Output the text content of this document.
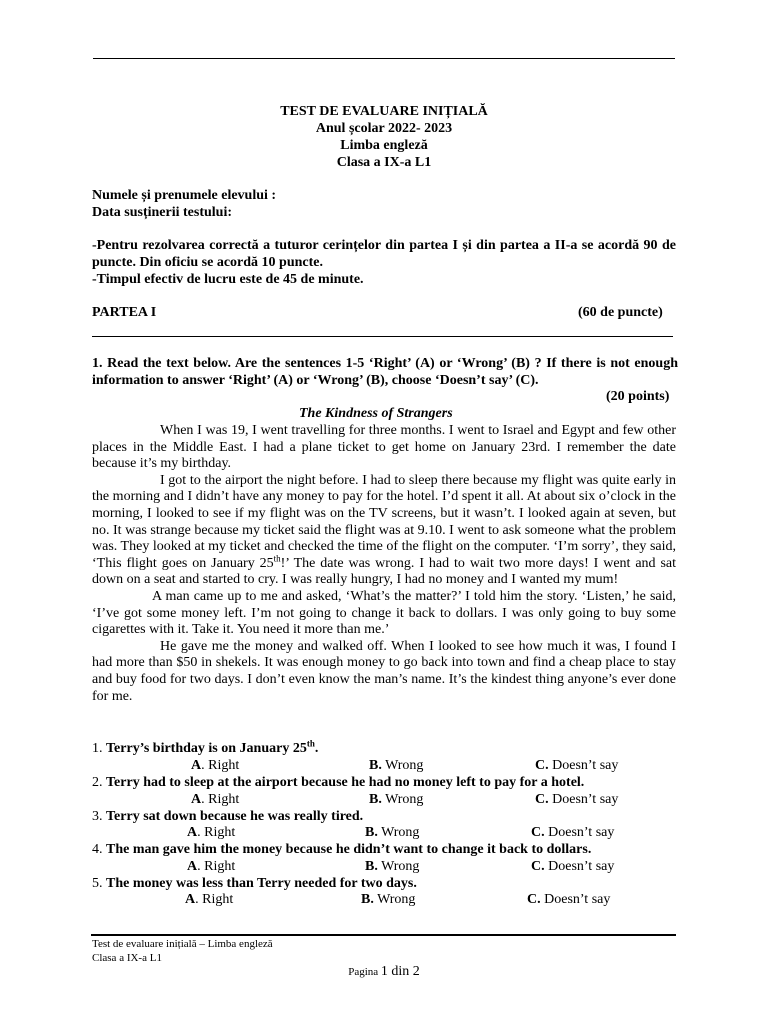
TEST DE EVALUARE INIȚIALĂ
Anul școlar 2022- 2023
Limba engleză
Clasa a IX-a L1
Numele și prenumele elevului :
Data susținerii testului:
-Pentru rezolvarea correctă a tuturor cerințelor din partea I și din partea a II-a se acordă 90 de puncte. Din oficiu se acordă 10 puncte.
-Timpul efectiv de lucru este de 45 de minute.
PARTEA I	(60 de puncte)
1. Read the text below. Are the sentences 1-5 ‘Right’ (A) or ‘Wrong’ (B) ? If there is not enough information to answer ‘Right’ (A) or ‘Wrong’ (B), choose ‘Doesn’t say’ (C).
(20 points)
The Kindness of Strangers

When I was 19, I went travelling for three months. I went to Israel and Egypt and few other places in the Middle East. I had a plane ticket to get home on January 23rd. I remember the date because it’s my birthday.

I got to the airport the night before. I had to sleep there because my flight was quite early in the morning and I didn’t have any money to pay for the hotel. I’d spent it all. At about six o’clock in the morning, I looked to see if my flight was on the TV screens, but it wasn’t. I looked again at seven, but no. It was strange because my ticket said the flight was at 9.10. I went to ask someone what the problem was. They looked at my ticket and checked the time of the flight on the computer. ‘I’m sorry’, they said, ‘This flight goes on January 25th!’ The date was wrong. I had to wait two more days! I went and sat down on a seat and started to cry. I was really hungry, I had no money and I wanted my mum!

A man came up to me and asked, ‘What’s the matter?’ I told him the story. ‘Listen,’ he said, ‘I’ve got some money left. I’m not going to change it back to dollars. I was only going to buy some cigarettes with it. Take it. You need it more than me.’

He gave me the money and walked off. When I looked to see how much it was, I found I had more than $50 in shekels. It was enough money to go back into town and find a cheap place to stay and buy food for two days. I don’t even know the man’s name. It’s the kindest thing anyone’s ever done for me.

1. Terry’s birthday is on January 25th.
A. Right	B. Wrong	C. Doesn’t say
2. Terry had to sleep at the airport because he had no money left to pay for a hotel.
A. Right	B. Wrong	C. Doesn’t say
3. Terry sat down because he was really tired.
A. Right	B. Wrong	C. Doesn’t say
4. The man gave him the money because he didn’t want to change it back to dollars.
A. Right	B. Wrong	C. Doesn’t say
5. The money was less than Terry needed for two days.
A. Right	B. Wrong	C. Doesn’t say
Test de evaluare inițială – Limba engleză
Clasa a IX-a L1
Pagina 1 din 2
